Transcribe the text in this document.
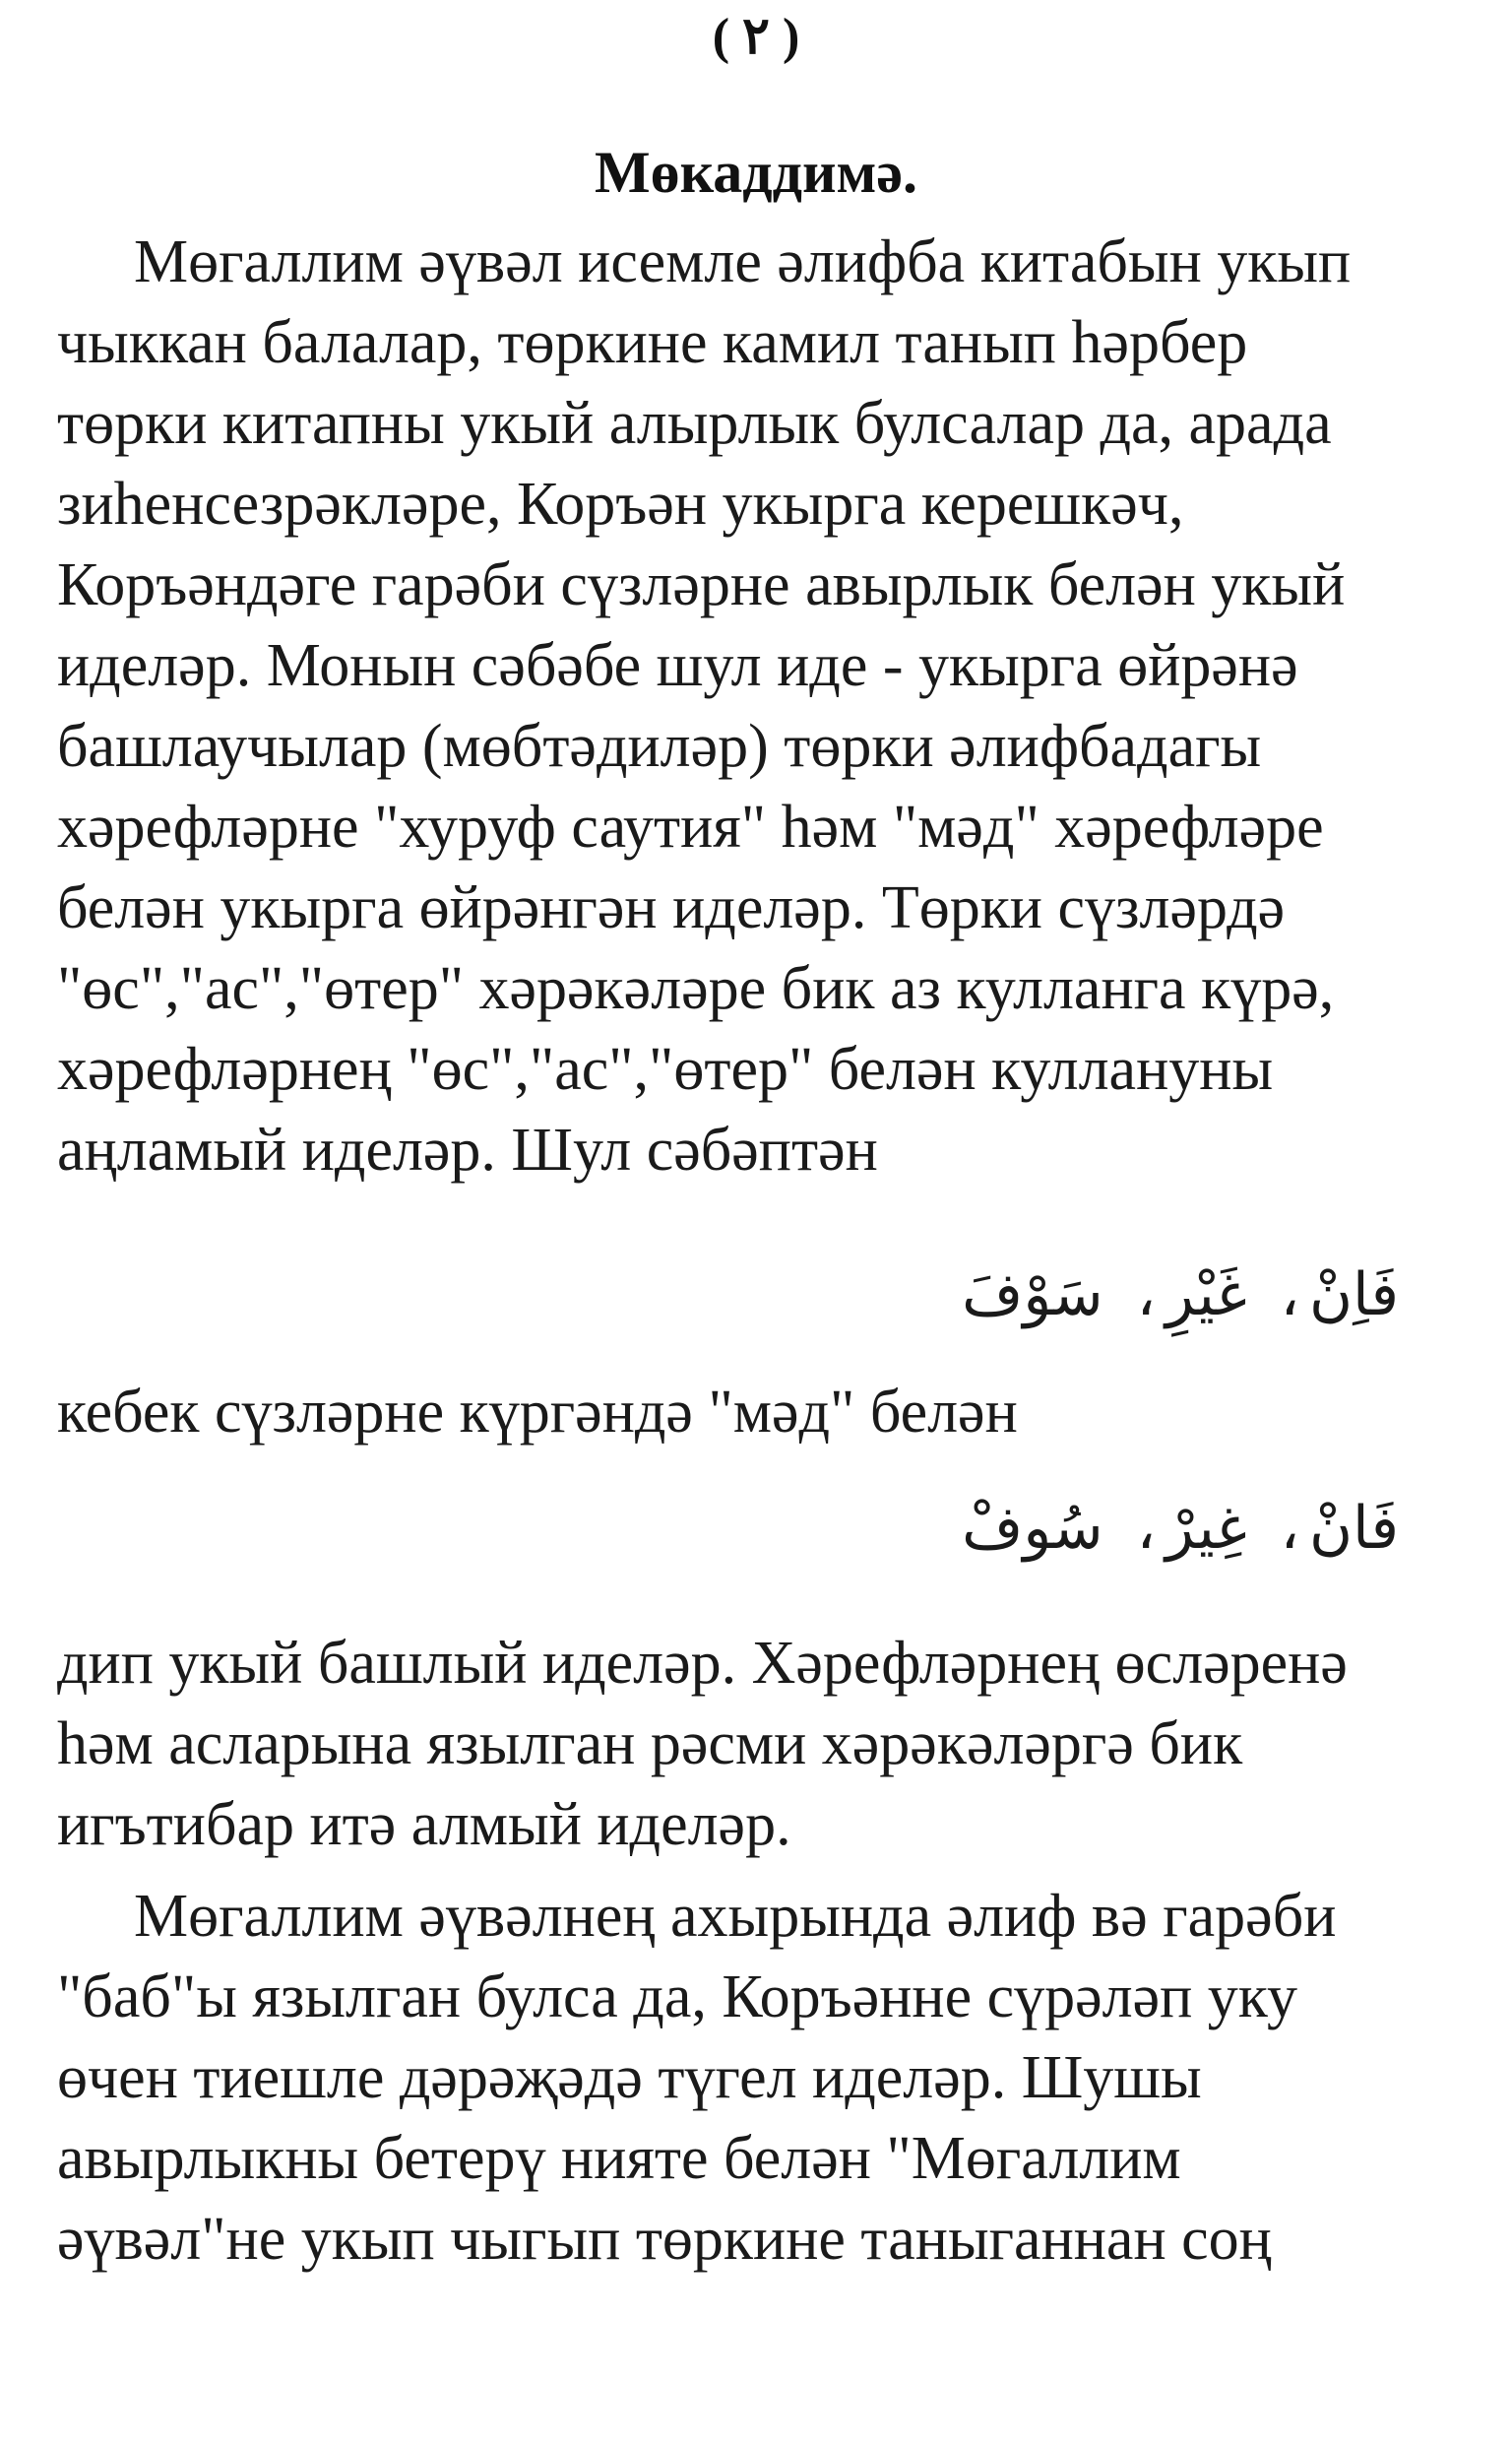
( ٢ )
Мөкаддимә.
Мөгаллим әүвәл исемле әлифба китабын укып
чыккан балалар, төркине камил танып һәрбер
төрки китапны укый алырлык булсалар да, арада
зиһенсезрәкләре, Коръән укырга керешкәч,
Коръәндәге гарәби сүзләрне авырлык белән укый
иделәр. Монын сәбәбе шул иде - укырга өйрәнә
башлаучылар (мөбтәдиләр) төрки әлифбадагы
хәрефләрне "хуруф саутия" һәм "мәд" хәрефләре
белән укырга өйрәнгән иделәр. Төрки сүзләрдә
"өс","ас","өтер" хәрәкәләре бик аз кулланга күрә,
хәрефләрнең "өс","ас","өтер" белән куллануны
аңламый иделәр. Шул сәбәптән
فَاِنْ،غَيْرِ،سَوْفَ
кебек сүзләрне күргәндә "мәд" белән
فَانْ،غِيرْ،سُوفْ
дип укый башлый иделәр. Хәрефләрнең өсләренә
һәм асларына язылган рәсми хәрәкәләргә бик
игътибар итә алмый иделәр.
Мөгаллим әүвәлнең ахырында әлиф вә гарәби
"баб"ы язылган булса да, Коръәнне сүрәләп уку
өчен тиешле дәрәҗәдә түгел иделәр. Шушы
авырлыкны бетерү нияте белән "Мөгаллим
әүвәл"не укып чыгып төркине таныганнан соң
